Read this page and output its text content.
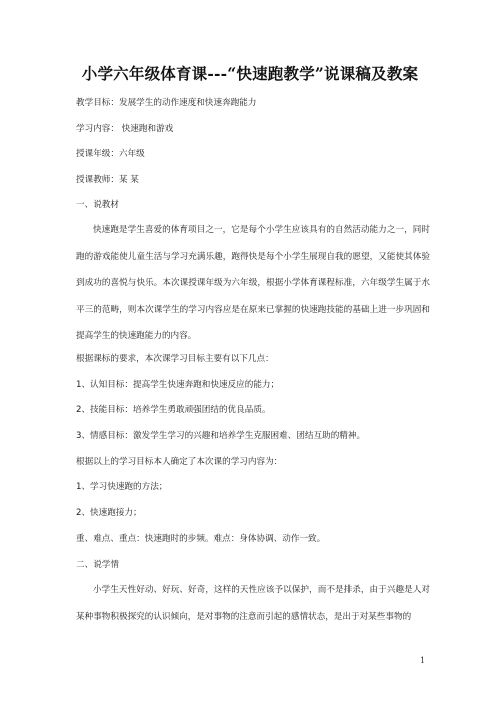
小学六年级体育课---“快速跑教学”说课稿及教案
教学目标：发展学生的动作速度和快速奔跑能力
学习内容： 快速跑和游戏
授课年级：六年级
授课教师：某 某
一、说教材
快速跑是学生喜爱的体育项目之一，它是每个小学生应该具有的自然活动能力之一，同时跑的游戏能使儿童生活与学习充满乐趣，跑得快是每个小学生展现自我的愿望，又能使其体验到成功的喜悦与快乐。本次课授课年级为六年级，根据小学体育课程标准，六年级学生属于水平三的范畴，则本次课学生的学习内容应是在原来已掌握的快速跑技能的基础上进一步巩固和提高学生的快速跑能力的内容。
根据课标的要求，本次课学习目标主要有以下几点：
1、认知目标：提高学生快速奔跑和快速反应的能力；
2、技能目标：培养学生勇敢顽强团结的优良品质。
3、情感目标：激发学生学习的兴趣和培养学生克服困难、团结互助的精神。
根据以上的学习目标本人确定了本次课的学习内容为：
1、学习快速跑的方法；
2、快速跑接力；
重、难点、重点：快速跑时的步频。难点：身体协调、动作一致。
二、说学情
小学生天性好动、好玩、好奇，这样的天性应该予以保护，而不是排杀，由于兴趣是人对某种事物积极探究的认识倾向，是对事物的注意而引起的感情状态，是出于对某些事物的
1
